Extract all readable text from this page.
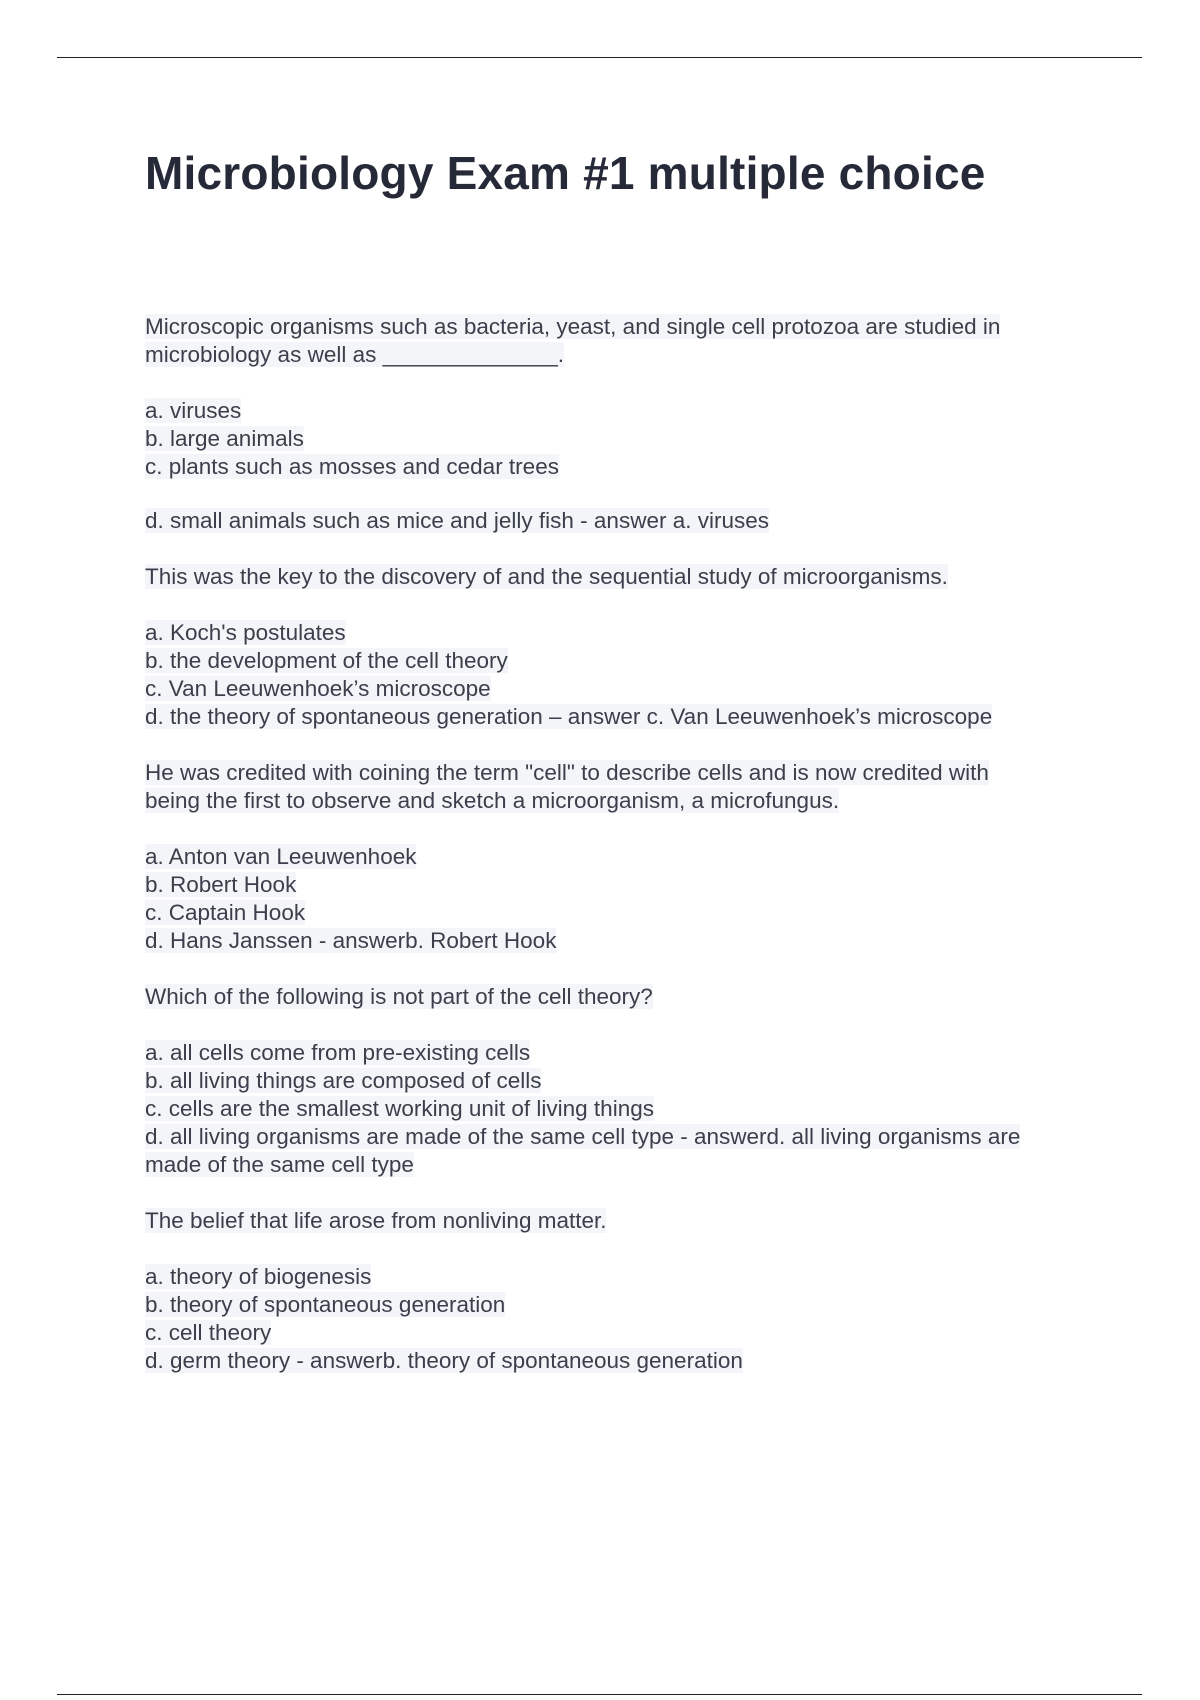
Microbiology Exam #1 multiple choice
Microscopic organisms such as bacteria, yeast, and single cell protozoa are studied in
microbiology as well as ______________.
a. viruses
b. large animals
c. plants such as mosses and cedar trees
d. small animals such as mice and jelly fish - answer a. viruses
This was the key to the discovery of and the sequential study of microorganisms.
a. Koch's postulates
b. the development of the cell theory
c. Van Leeuwenhoek’s microscope
d. the theory of spontaneous generation – answer c. Van Leeuwenhoek’s microscope
He was credited with coining the term "cell" to describe cells and is now credited with
being the first to observe and sketch a microorganism, a microfungus.
a. Anton van Leeuwenhoek
b. Robert Hook
c. Captain Hook
d. Hans Janssen - answerb. Robert Hook
Which of the following is not part of the cell theory?
a. all cells come from pre-existing cells
b. all living things are composed of cells
c. cells are the smallest working unit of living things
d. all living organisms are made of the same cell type - answerd. all living organisms are
made of the same cell type
The belief that life arose from nonliving matter.
a. theory of biogenesis
b. theory of spontaneous generation
c. cell theory
d. germ theory - answerb. theory of spontaneous generation
